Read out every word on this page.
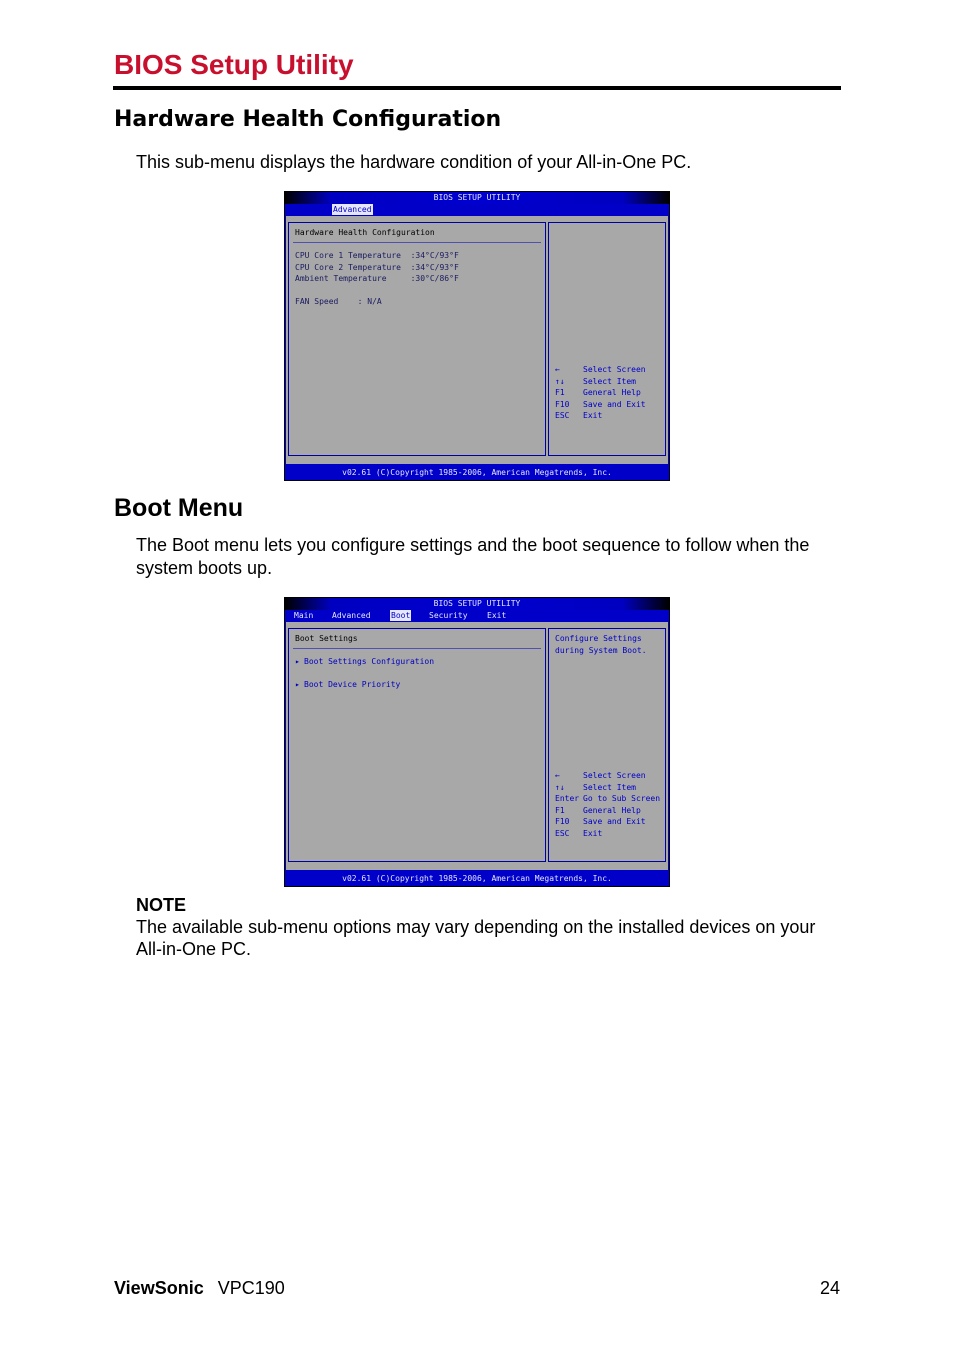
BIOS Setup Utility
Hardware Health Configuration

This sub-menu displays the hardware condition of your All-in-One PC.

BIOS SETUP UTILITY
Advanced
Hardware Health Configuration
CPU Core 1 Temperature  :34°C/93°F
CPU Core 2 Temperature  :34°C/93°F
Ambient Temperature     :30°C/86°F
FAN Speed    : N/A
←	Select Screen
↑↓ Select Item
F1 General Help
F10 Save and Exit
ESC Exit
v02.61 (C)Copyright 1985-2006, American Megatrends, Inc.
Boot Menu

The Boot menu lets you configure settings and the boot sequence to follow when the system boots up.

BIOS SETUP UTILITY
Main Advanced	Boot Security Exit
Boot Settings
▸ Boot Settings Configuration
▸ Boot Device Priority
Configure Settings
during System Boot.
←	Select Screen
↑↓ Select Item
Enter Go to Sub Screen
F1 General Help
F10 Save and Exit
ESC Exit
v02.61 (C)Copyright 1985-2006, American Megatrends, Inc.
NOTE

The available sub-menu options may vary depending on the installed devices on your All-in-One PC.

ViewSonic VPC190	24
